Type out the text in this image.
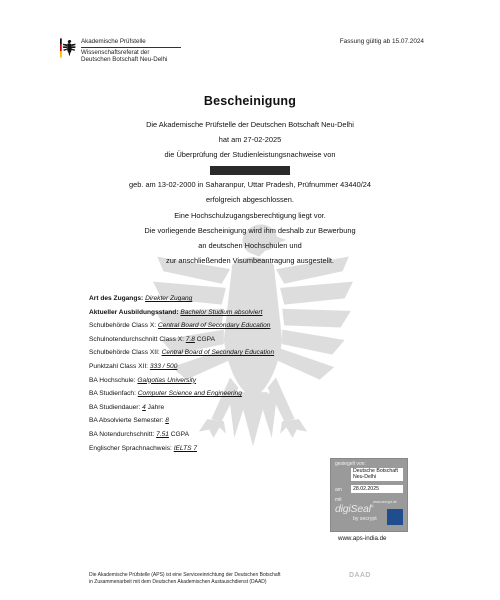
Akademische Prüfstelle
Wissenschaftsreferat der
Deutschen Botschaft Neu-Delhi
Fassung gültig ab 15.07.2024
Bescheinigung
Die Akademische Prüfstelle der Deutschen Botschaft Neu-Delhi
hat am 27-02-2025
die Überprüfung der Studienleistungsnachweise von
geb. am 13-02-2000 in Saharanpur, Uttar Pradesh, Prüfnummer 43440/24
erfolgreich abgeschlossen.
Eine Hochschulzugangsberechtigung liegt vor.
Die vorliegende Bescheinigung wird ihm deshalb zur Bewerbung
an deutschen Hochschulen und
zur anschließenden Visumbeantragung ausgestellt.
Art des Zugangs: Direkter Zugang
Aktueller Ausbildungsstand: Bachelor Studium absolviert
Schulbehörde Class X: Central Board of Secondary Education
Schulnotendurchschnitt Class X: 7.8 CGPA
Schulbehörde Class XII: Central Board of Secondary Education
Punktzahl Class XII: 333 / 500
BA Hochschule: Galgotias University
BA Studienfach: Computer Science and Engineering
BA Studiendauer: 4 Jahre
BA Absolvierte Semester: 8
BA Notendurchschnitt: 7.51 CGPA
Englischer Sprachnachweis: IELTS 7
gesiegelt von:
Deutsche Botschaft
Neu-Delhi
am	28.02.2025
mit	www.secrypt.de
digiSeal®
by secrypt
www.aps-india.de
Die Akademische Prüfstelle (APS) ist eine Serviceeinrichtung der Deutschen Botschaft
in Zusammenarbeit mit dem Deutschen Akademischen Austauschdienst (DAAD)
DAAD
